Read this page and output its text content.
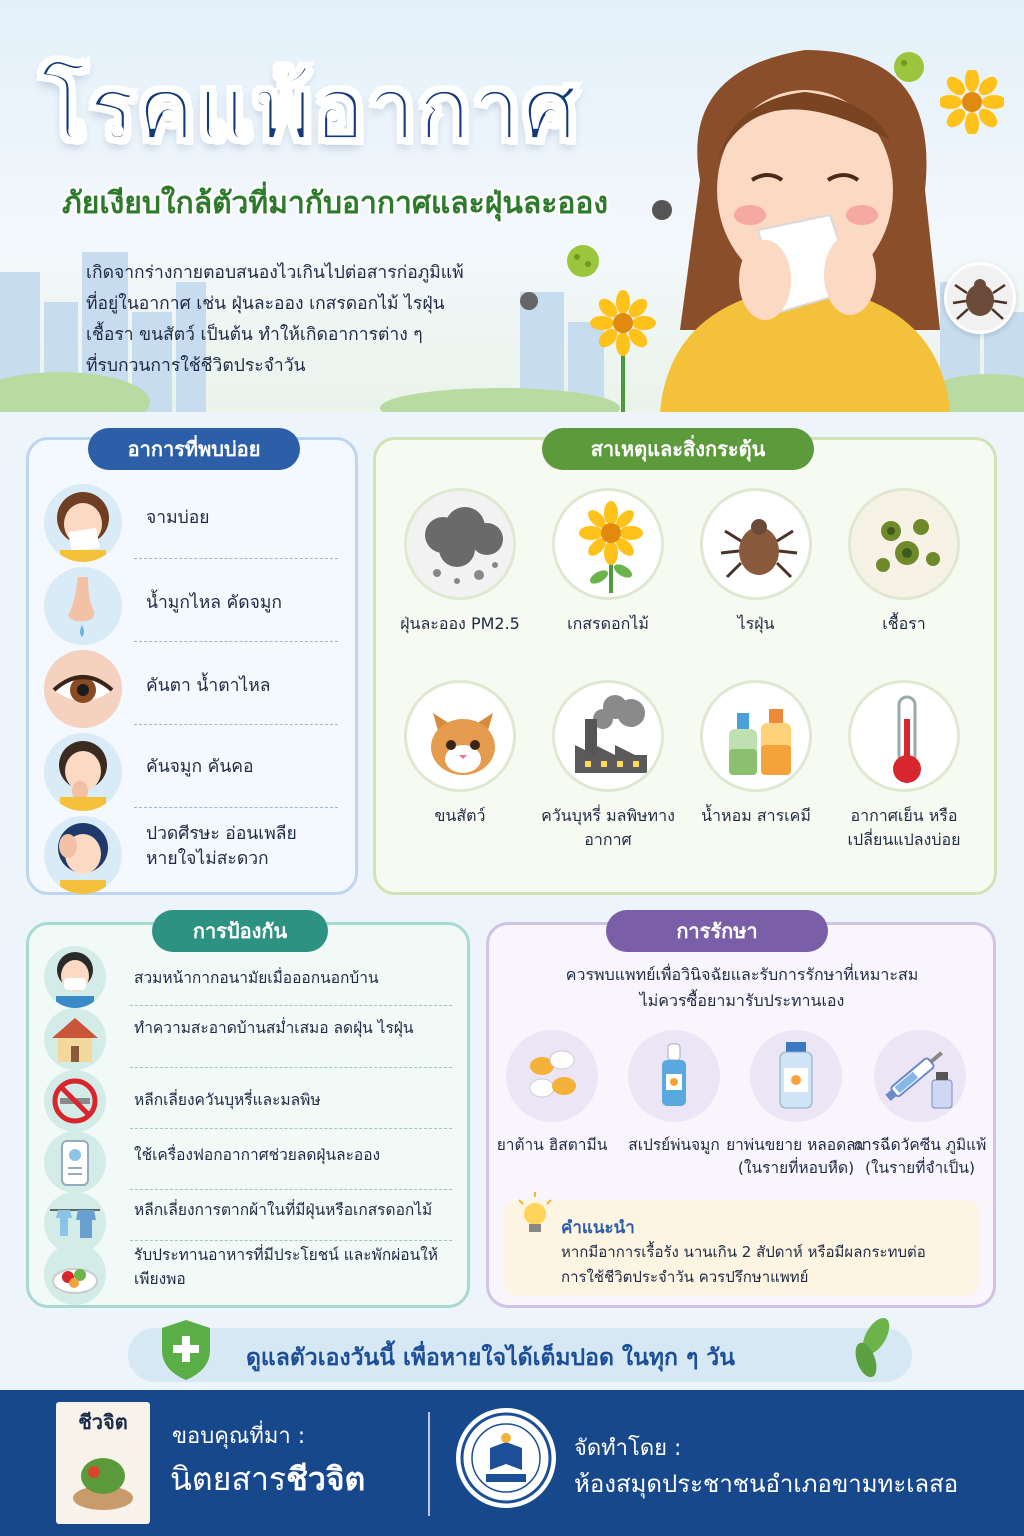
โรคแพ้อากาศ
ภัยเงียบใกล้ตัวที่มากับอากาศและฝุ่นละออง

เกิดจากร่างกายตอบสนองไวเกินไปต่อสารก่อภูมิแพ้

ที่อยู่ในอากาศ เช่น ฝุ่นละออง เกสรดอกไม้ ไรฝุ่น

เชื้อรา ขนสัตว์ เป็นต้น ทำให้เกิดอาการต่าง ๆ

ที่รบกวนการใช้ชีวิตประจำวัน

อาการที่พบบ่อย
จามบ่อย
น้ำมูกไหล คัดจมูก
คันตา น้ำตาไหล
คันจมูก คันคอ
ปวดศีรษะ อ่อนเพลีย หายใจไม่สะดวก
สาเหตุและสิ่งกระตุ้น
ฝุ่นละออง PM2.5	เกสรดอกไม้	ไรฝุ่น	เชื้อรา
ขนสัตว์	ควันบุหรี่ มลพิษทางอากาศ
น้ำหอม สารเคมี	อากาศเย็น หรือเปลี่ยนแปลงบ่อย
การป้องกัน
สวมหน้ากากอนามัยเมื่อออกนอกบ้าน
ทำความสะอาดบ้านสม่ำเสมอ ลดฝุ่น ไรฝุ่น
หลีกเลี่ยงควันบุหรี่และมลพิษ
ใช้เครื่องฟอกอากาศช่วยลดฝุ่นละออง
หลีกเลี่ยงการตากผ้าในที่มีฝุ่นหรือเกสรดอกไม้
รับประทานอาหารที่มีประโยชน์ และพักผ่อนให้เพียงพอ
การรักษา
ควรพบแพทย์เพื่อวินิจฉัยและรับการรักษาที่เหมาะสม
ไม่ควรซื้อยามารับประทานเอง
ยาต้าน ฮิสตามีน	สเปรย์พ่นจมูก ยาพ่นขยาย หลอดลม (ในรายที่หอบหืด)
การฉีดวัคซีน ภูมิแพ้ (ในรายที่จำเป็น)
คำแนะนำ
หากมีอาการเรื้อรัง นานเกิน 2 สัปดาห์ หรือมีผลกระทบต่อ
การใช้ชีวิตประจำวัน ควรปรึกษาแพทย์
ดูแลตัวเองวันนี้ เพื่อหายใจได้เต็มปอด ในทุก ๆ วัน
ชีวจิต
ขอบคุณที่มา :
นิตยสารชีวจิต
จัดทำโดย :
ห้องสมุดประชาชนอำเภอขามทะเลสอ
